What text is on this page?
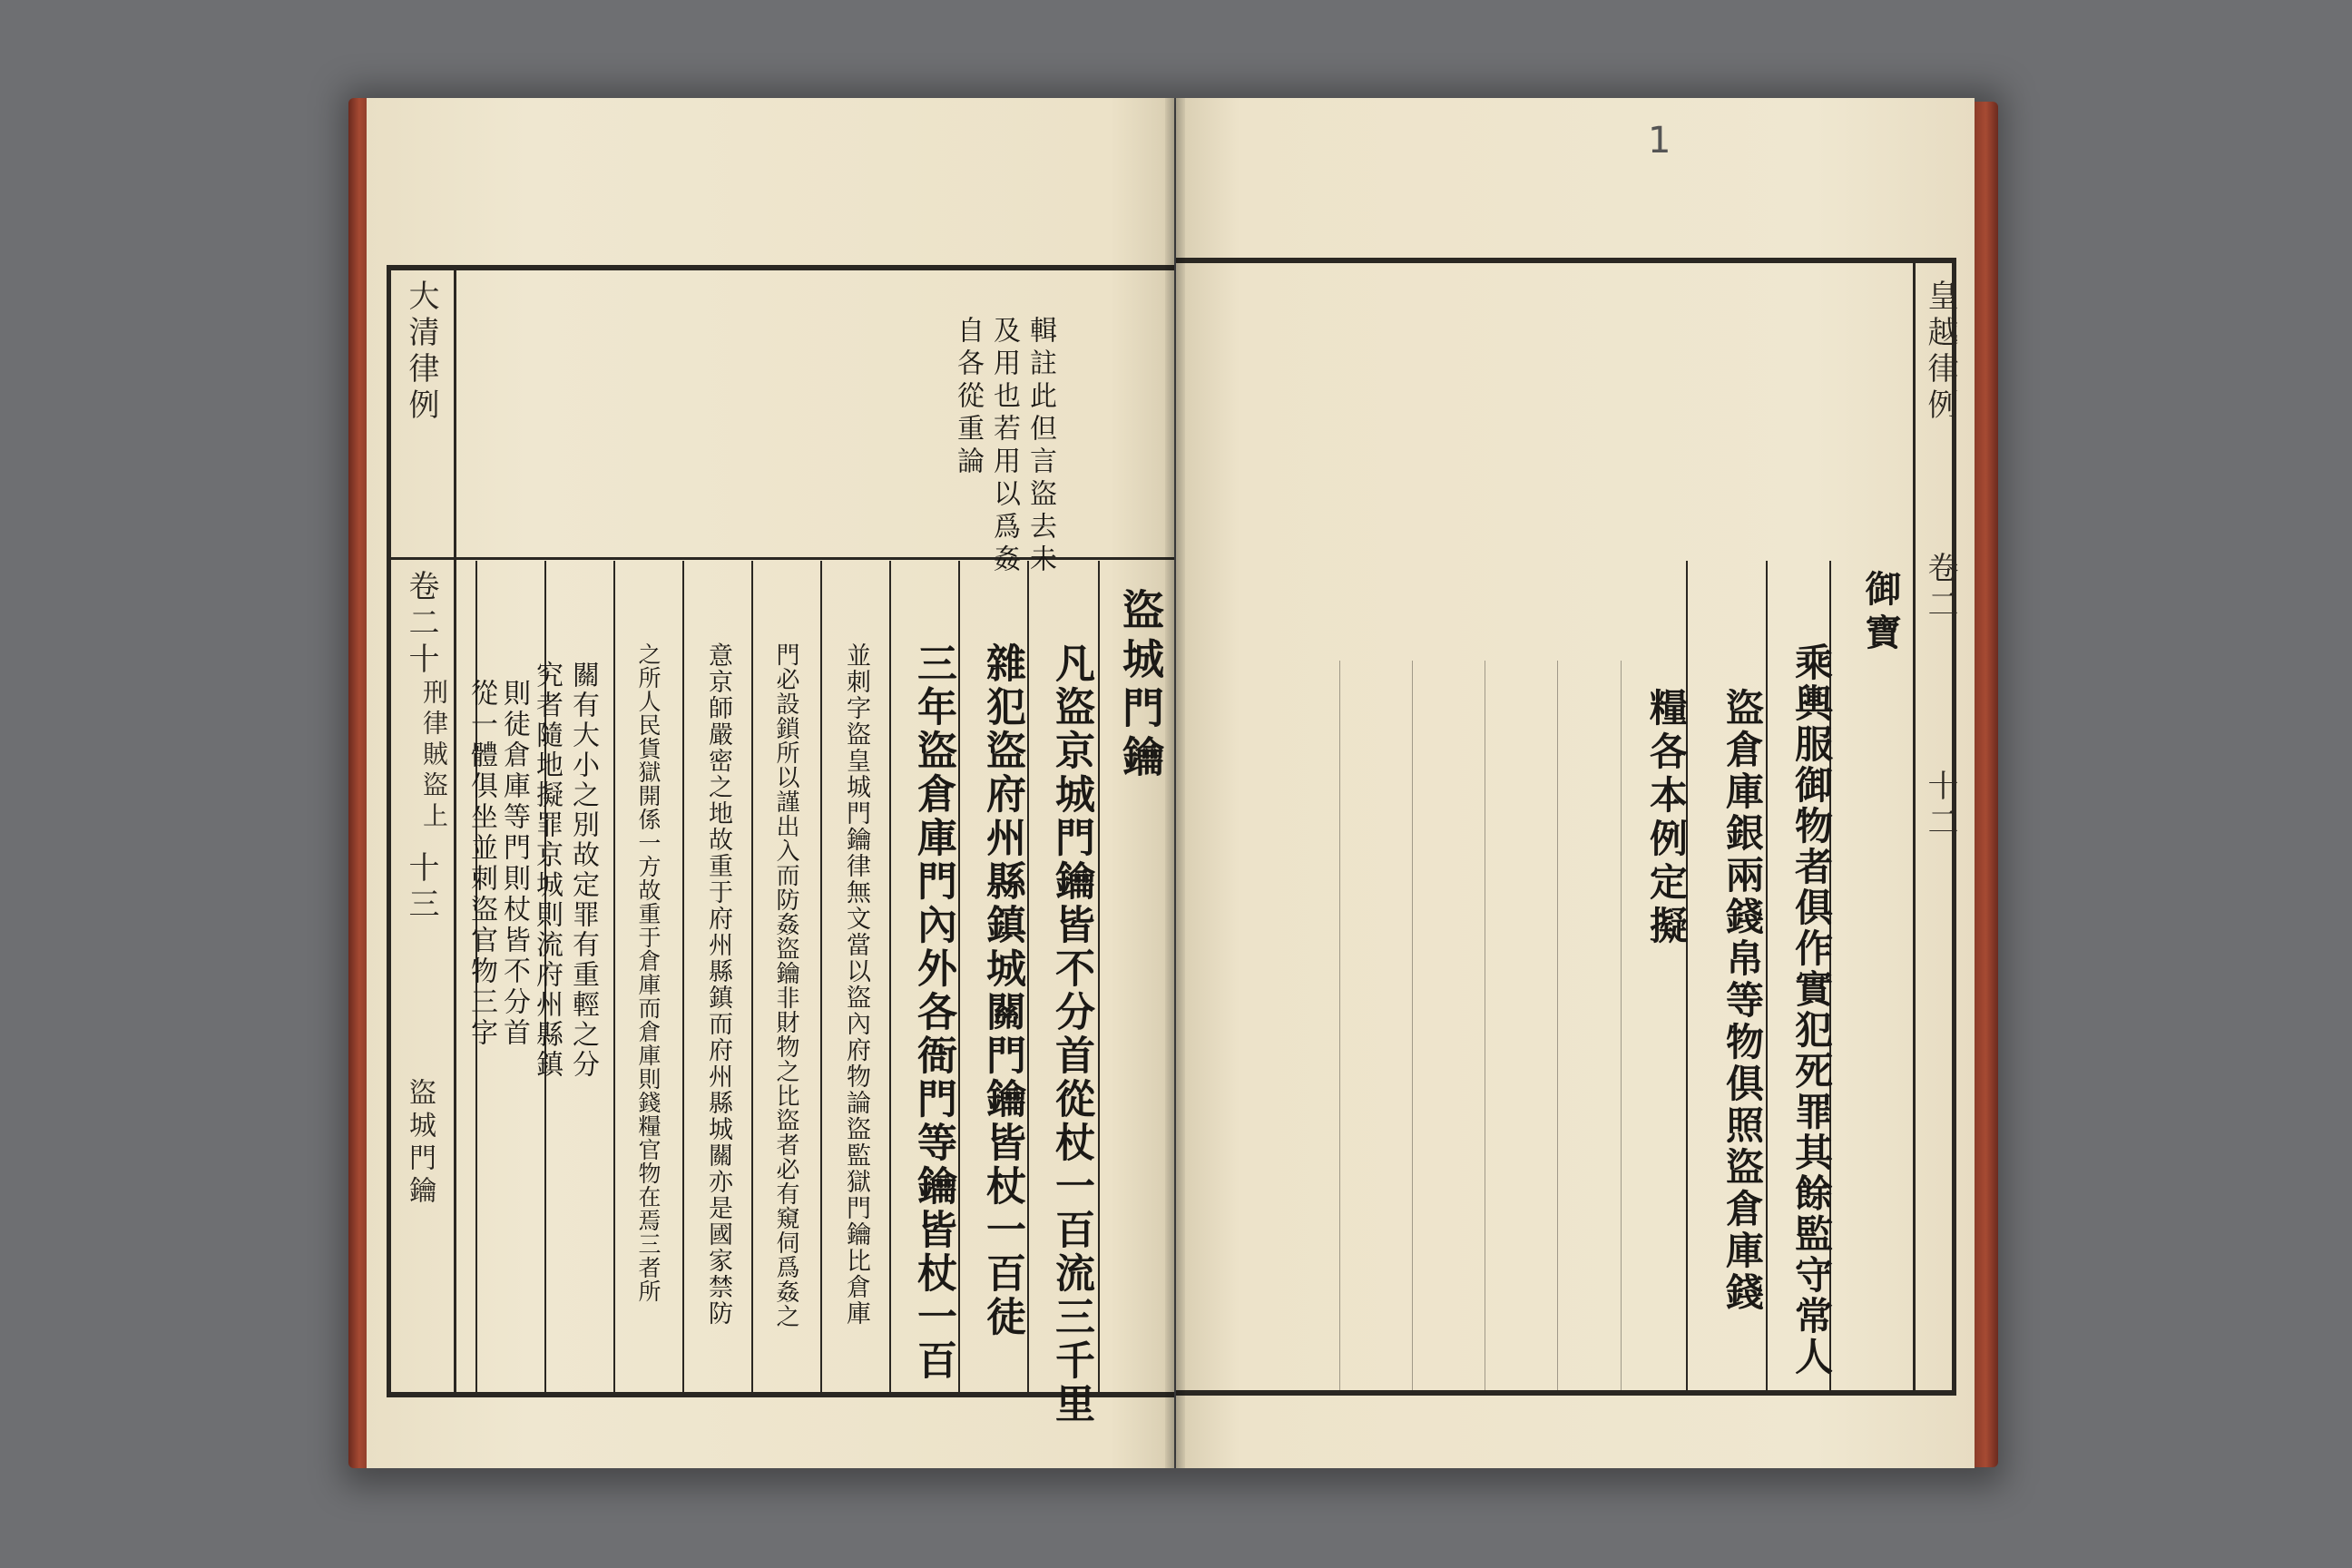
大清律例
卷二十
刑律賊盜上
十三
盜城門鑰
輯註此但言盜去未
及用也若用以爲姦
自各從重論
盜城門鑰
凡盜京城門鑰皆不分首從杖一百流三千里
雜犯盜府州縣鎮城關門鑰皆杖一百徒
三年盜倉庫門內外各衙門等鑰皆杖一百
並刺字盜皇城門鑰律無文當以盜內府物論盜監獄門鑰比倉庫
門必設鎖所以謹出入而防姦盜鑰非財物之比盜者必有窺伺爲姦之
意京師嚴密之地故重于府州縣鎮而府州縣城關亦是國家禁防
之所人民貨獄開係一方故重于倉庫而倉庫則錢糧官物在焉三者所
關有大小之別故定罪有重輕之分
究者隨地擬罪京城則流府州縣鎮
則徒倉庫等門則杖皆不分首
從一體俱坐並刺盜官物三字
皇越律例
卷二
十二
1
御寶
乘輿服御物者俱作實犯死罪其餘監守常人
盜倉庫銀兩錢帛等物俱照盜倉庫錢
糧各本例定擬
